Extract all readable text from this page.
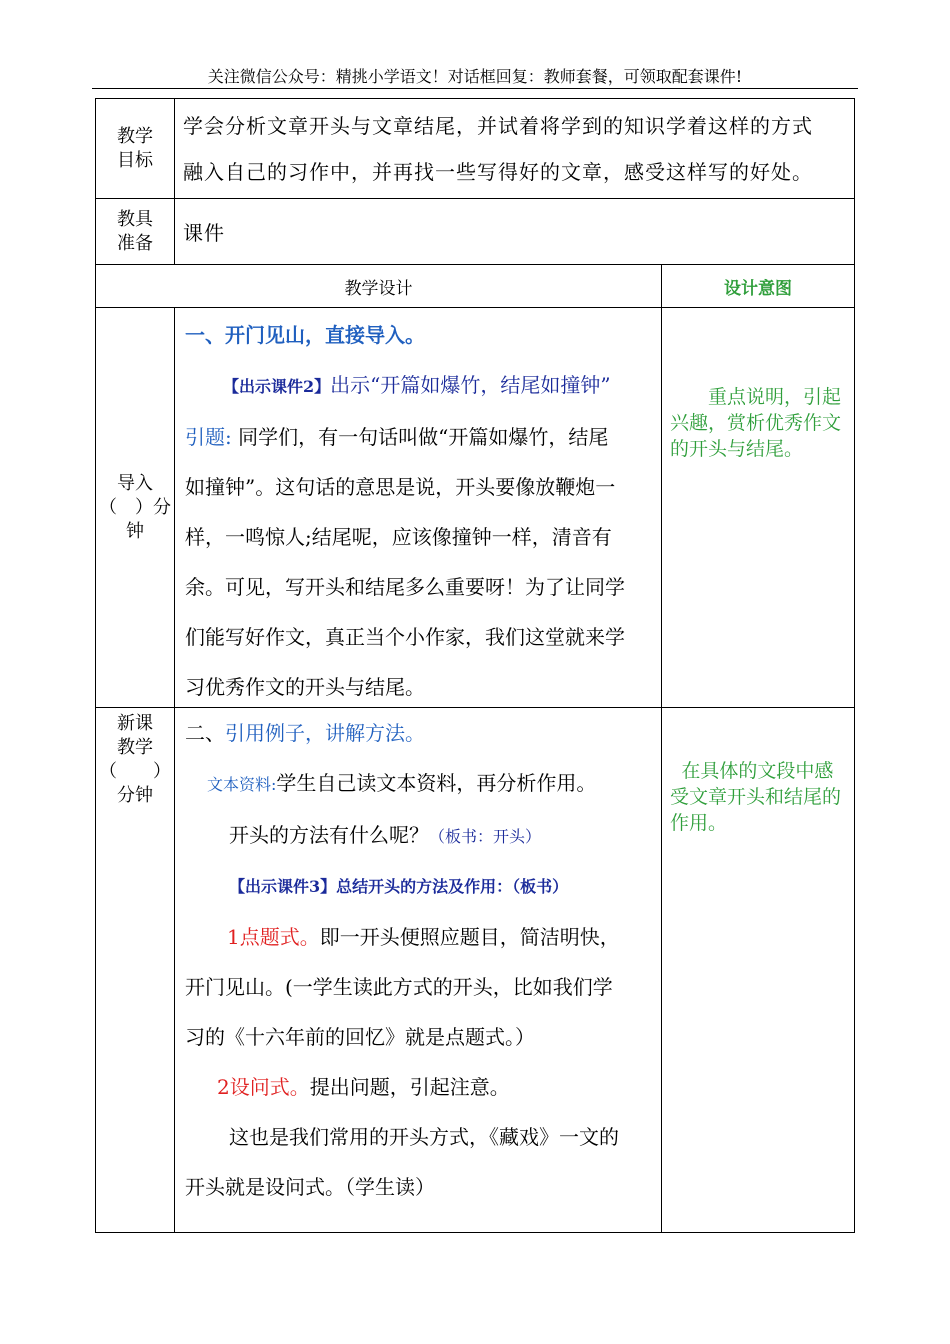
关注微信公众号：精挑小学语文！对话框回复：教师套餐，可领取配套课件!
教学
目标
学会分析文章开头与文章结尾，并试着将学到的知识学着这样的方式
融入自己的习作中，并再找一些写得好的文章，感受这样写的好处。
教具
准备	课件
教学设计	设计意图
导入
（　）分
钟
一、开门见山，直接导入。
【出示课件2】出示“开篇如爆竹，结尾如撞钟”
引题: 同学们，有一句话叫做“开篇如爆竹，结尾
如撞钟”。这句话的意思是说，开头要像放鞭炮一
样，一鸣惊人;结尾呢，应该像撞钟一样，清音有
余。可见，写开头和结尾多么重要呀！为了让同学
们能写好作文，真正当个小作家，我们这堂就来学
习优秀作文的开头与结尾。
重点说明，引起兴趣，赏析优秀作文的开头与结尾。
新课
教学
（　　）
分钟
二、引用例子，讲解方法。
文本资料:学生自己读文本资料，再分析作用。
开头的方法有什么呢？（板书：开头）
【出示课件3】总结开头的方法及作用：（板书）
1点题式。即一开头便照应题目，简洁明快，
开门见山。(一学生读此方式的开头，比如我们学
习的《十六年前的回忆》就是点题式。）
2设问式。提出问题，引起注意。
这也是我们常用的开头方式，《藏戏》一文的
开头就是设问式。（学生读）
在具体的文段中感受文章开头和结尾的作用。
